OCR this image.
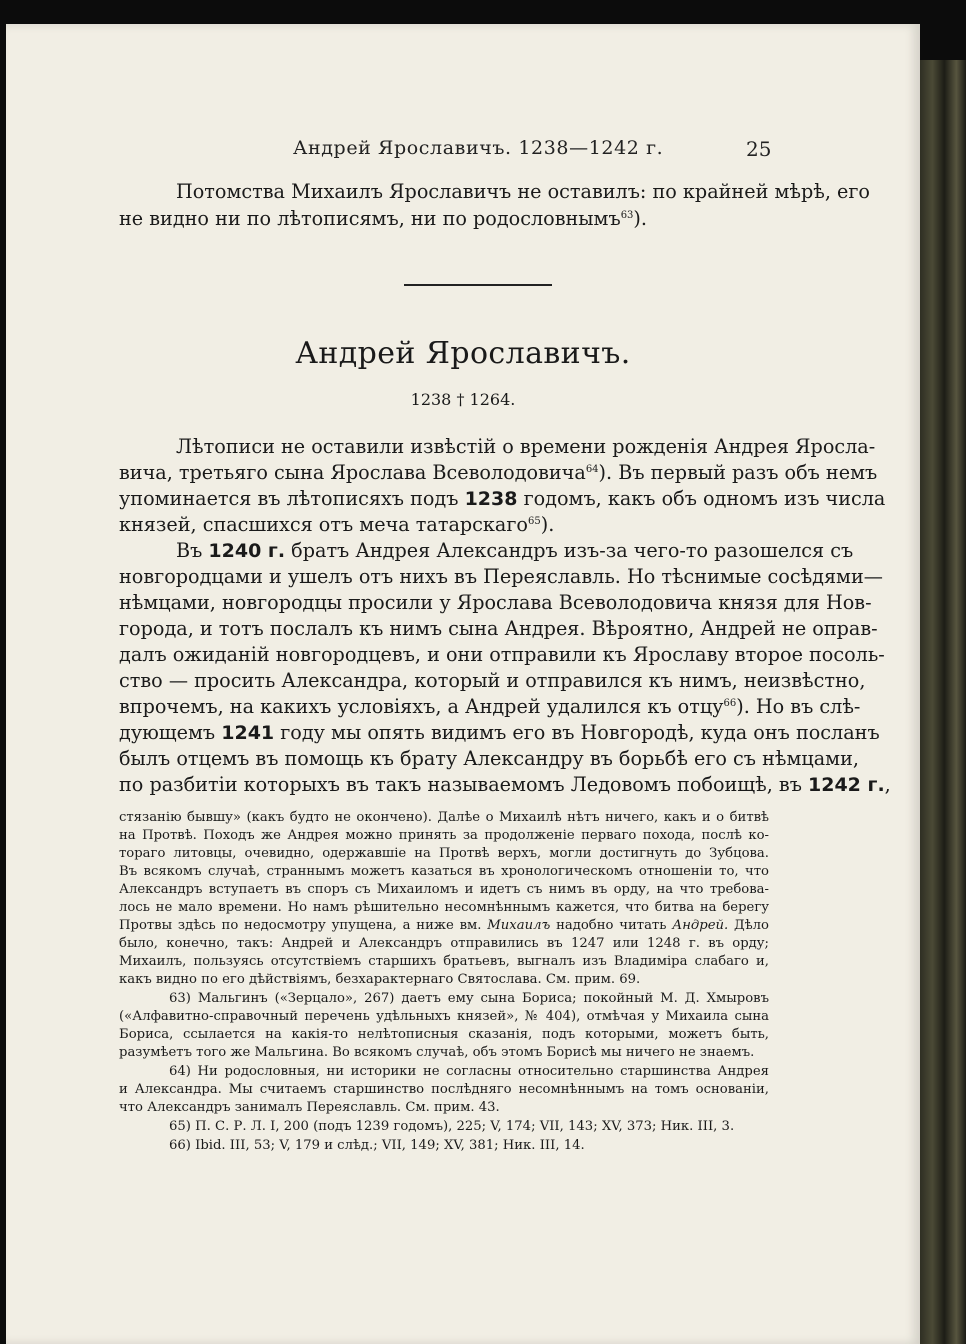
Андрей Ярославичъ. 1238—1242 г.	25
Потомства Михаилъ Ярославичъ не оставилъ: по крайней мѣрѣ, его
не видно ни по лѣтописямъ, ни по родословнымъ$^{63}$).
Андрей Ярославичъ.
1238 † 1264.
Лѣтописи не оставили извѣстій о времени рожденія Андрея Яросла-
вича, третьяго сына Ярослава Всеволодовича$^{64}$). Въ первый разъ объ немъ
упоминается въ лѣтописяхъ подъ 1238 годомъ, какъ объ одномъ изъ числа
князей, спасшихся отъ меча татарскаго$^{65}$).
Въ 1240 г. братъ Андрея Александръ изъ-за чего-то разошелся съ
новгородцами и ушелъ отъ нихъ въ Переяславль. Но тѣснимые сосѣдями—
нѣмцами, новгородцы просили у Ярослава Всеволодовича князя для Нов-
города, и тотъ послалъ къ нимъ сына Андрея. Вѣроятно, Андрей не оправ-
далъ ожиданій новгородцевъ, и они отправили къ Ярославу второе посоль-
ство — просить Александра, который и отправился къ нимъ, неизвѣстно,
впрочемъ, на какихъ условіяхъ, а Андрей удалился къ отцу$^{66}$). Но въ слѣ-
дующемъ 1241 году мы опять видимъ его въ Новгородѣ, куда онъ посланъ
былъ отцемъ въ помощь къ брату Александру въ борьбѣ его съ нѣмцами,
по разбитіи которыхъ въ такъ называемомъ Ледовомъ побоищѣ, въ 1242 г.,
стязанію бывшу» (какъ будто не окончено). Далѣе о Михаилѣ нѣтъ ничего, какъ и о битвѣ
на Протвѣ. Походъ же Андрея можно принять за продолженіе перваго похода, послѣ ко-
тораго литовцы, очевидно, одержавшіе на Протвѣ верхъ, могли достигнуть до Зубцова.
Въ всякомъ случаѣ, страннымъ можетъ казаться въ хронологическомъ отношеніи то, что
Александръ вступаетъ въ споръ съ Михаиломъ и идетъ съ нимъ въ орду, на что требова-
лось не мало времени. Но намъ рѣшительно несомнѣннымъ кажется, что битва на берегу
Протвы здѣсь по недосмотру упущена, а ниже вм. Михаилъ надобно читать Андрей. Дѣло
было, конечно, такъ: Андрей и Александръ отправились въ 1247 или 1248 г. въ орду;
Михаилъ, пользуясь отсутствіемъ старшихъ братьевъ, выгналъ изъ Владиміра слабаго и,
какъ видно по его дѣйствіямъ, безхарактернаго Святослава. См. прим. 69.
63) Мальгинъ («Зерцало», 267) даетъ ему сына Бориса; покойный М. Д. Хмыровъ
(«Алфавитно-справочный перечень удѣльныхъ князей», № 404), отмѣчая у Михаила сына
Бориса, ссылается на какія-то нелѣтописныя сказанія, подъ которыми, можетъ быть,
разумѣетъ того же Мальгина. Во всякомъ случаѣ, объ этомъ Борисѣ мы ничего не знаемъ.
64) Ни родословныя, ни историки не согласны относительно старшинства Андрея
и Александра. Мы считаемъ старшинство послѣдняго несомнѣннымъ на томъ основаніи,
что Александръ занималъ Переяславль. См. прим. 43.
65) П. С. Р. Л. I, 200 (подъ 1239 годомъ), 225; V, 174; VII, 143; XV, 373; Ник. III, 3.
66) Ibid. III, 53; V, 179 и слѣд.; VII, 149; XV, 381; Ник. III, 14.
